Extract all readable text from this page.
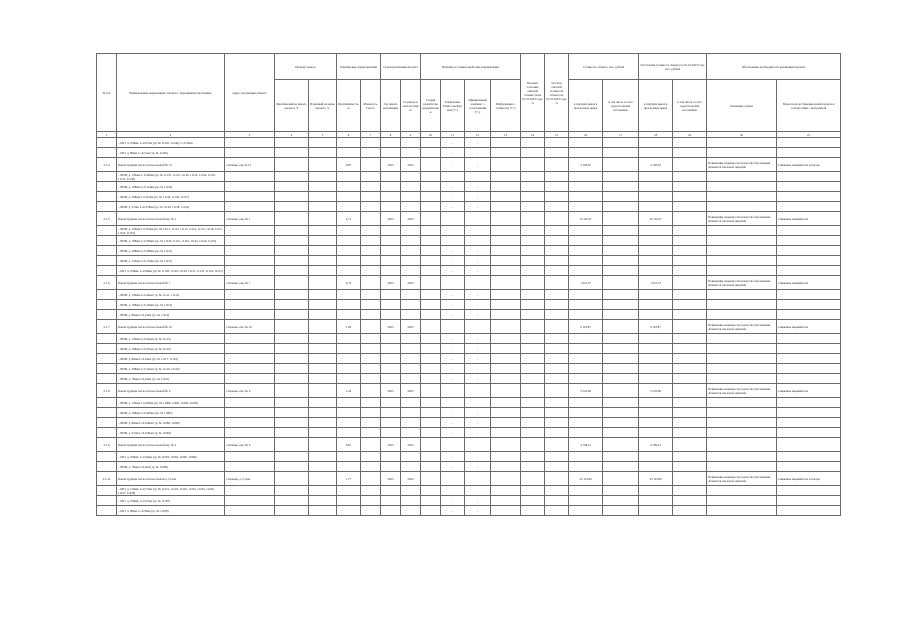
№ п/п	Наименование направления / проекта / мероприятия программы	Адрес реализации объекта	Процент износа		Технические характеристики		Сроки реализации проекта		Наличие и стадия разработки документации				Процент освоения сметной стоимости на 01.01.2023 года, %	Остаток сметной стоимости объекта на 01.01.2023 года, %	Стоимость объекта, тыс. рублей		Остаточная стоимость объекта на 01.01.2023 года, тыс. рублей		Обоснование необходимости реализации проекта	
			Фактический на начало проекта, %	Плановый на конец проекта, %	Протяжённость, м	Мощность, Гкал/ч	Год начала реализации	Год ввода в эксплуатацию	Стадия разработки документации	Заключение Главгосэкспертизы (+/-)	Официальный документ о согласовании (+/-)	Информация о стоимости (+/-)			в текущих ценах в прогнозных ценах	в том числе за счет средств прочих источников	в текущих ценах в прогнозных ценах	в том числе за счет средств прочих источников	Решаемые задачи	Показатели достижения целей проекта в соответствии с программой
1	2	3	4	5	6	7	8	9	10	11	12	13	14	15	16	17	18	19	20	21
	– МТ1 д. 108мм, L=0,07км (тр. № 11245, 11246), L=0,35км									-	-									
	– МТ1 д. 89мм, L=0,3 км (тр. № 11246)									-	-									
2.1.4	Реконструкция теплосети котельной № 15	г. Бежецк, пер. Б-13			0,87		2023	2023		-	-				2 100,67		2 100,67		Повышение надежности и качества обеспечения абонентов тепловой энергией	Снижение аварийности и потерь
	– 80/89, д. 159мм, L 0,430км (тр. № 11155, 11132, 11136, 11133, 11134, 11135, 11137, 11138)																			
	– 80/89, д. 108мм L=0,124км (тр. № 11139)									-	-									
	– 80/89, д. 208мм L 0,315км (тр. № 11142, 11136, 11137)									-	-									
	– 80/89, д. 57мм, L=0,278км (тр. № 11139, 11138, 11152)									-	-									
2.1.5	Реконструкция теплосети котельной пер. № 1	г. Бежецк, пер. № 1			2,71		2023	2023							10 110,47		10 110,47		Повышение надежности и качества обеспечения абонентов тепловой энергией	Снижение аварийности
	– 80/89, д. 159мм L 0,335км (тр. № 11111, 11112, 11113, 11114, 11115, 11116, 11117, 11118, 11119)																			
	– 80/89, д. 108мм L=0,330км (тр. № 11120, 11121, 11122, 11123, 11124, 11125)																			
	– 80/89, д. 208мм L=0,280км (тр. № 11127)									-	-									
	– 80/89, д. 133мм L=0,132км (тр. № 11127)									-	-									
	– МТ1 д. 108мм, L=0,08км (тр. № 11128, 11129, 11130, 11131, 11133, 11134, 11135)									-	-									
2.1.6	Реконструкция теплосети котельной № 7	г. Бежецк, пер. № 7			0,73		2023	2023							1 021,57		1 021,57		Повышение надежности и качества обеспечения абонентов тепловой энергией	Снижение аварийности
	– 80/89, д. 159мм L=0,44км (тр. № 11111, 11112)									-	-									
	– 80/89, д. 108мм L=0,192км (тр. № 11113)									-	-									
	– 80/89, д. 89мм L=0,12км (тр. № 11114)									-	-									
2.1.7	Реконструкция теплосети котельной № 10	г. Бежецк, пер. № 10			1,09		2023	2023							6 118,87		6 118,87		Повышение надежности и качества обеспечения абонентов тепловой энергией	Снижение аварийности
	– 80/89, д. 159мм L=0,32км (тр. № 11115)									-	-									
	– 80/89, д. 108мм L=0,37км (тр. № 11116)									-	-									
	– 80/89, д. 89мм L=0,18км (тр. № 11117, 11118)									-	-									
	– 80/89, д. 208мм L=0,12км (тр. № 11119, 11120)									-	-									
	– 80/89, д. 76мм L=0,10км (тр. № 11121)									-	-									
2.1.8	Реконструкция теплосети котельной № 9	г. Бежецк, пер. № 9			1,34		2023	2023							2 522,96		2 522,96		Повышение надежности и качества обеспечения абонентов тепловой энергией	Снижение аварийности
	– 80/89, д. 159мм L 0,450км (тр. № 11080, 11081, 11082, 11083)																			
	– 80/89, д. 108мм L=0,420км (тр. № 11087)									-	-									
	– 80/89, д. 89мм L=0,220км (тр. № 11089, 11090)									-	-									
	– 80/89, д. 57мм L=0,250км (тр. № 11092)									-	-									
2.1.9	Реконструкция теплосети котельной пер. № 4	г. Бежецк, пер. № 4			0,67		2023	2024							4 799,41		4 799,41			
	– МТ1 д. 108мм, L=0,26км (тр. № 11093, 11094, 11095, 11096)									-	-									
	– 80/89, д. 76мм L=0,4км (тр. № 11096)									-	-									
2.1.10	Реконструкция теплосети котельной д. Сухая	г. Бежецк, д. Сухая			1,77		2023	2024							45 143,99		45 143,99		Повышение надежности и качества обеспечения абонентов тепловой энергией	Снижение аварийности и потерь
	– МТ1 д. 159мм, L=0,77км (тр. № 11221, 11222, 11223, 11224, 11225, 11226, 11227, 11228)																			
	– МТ1 д. 108мм, L=0,27км (тр. № 11187)									-	-									
	– МТ1 д. 89мм, L=0,50км (тр. № 11188)									-	-									
